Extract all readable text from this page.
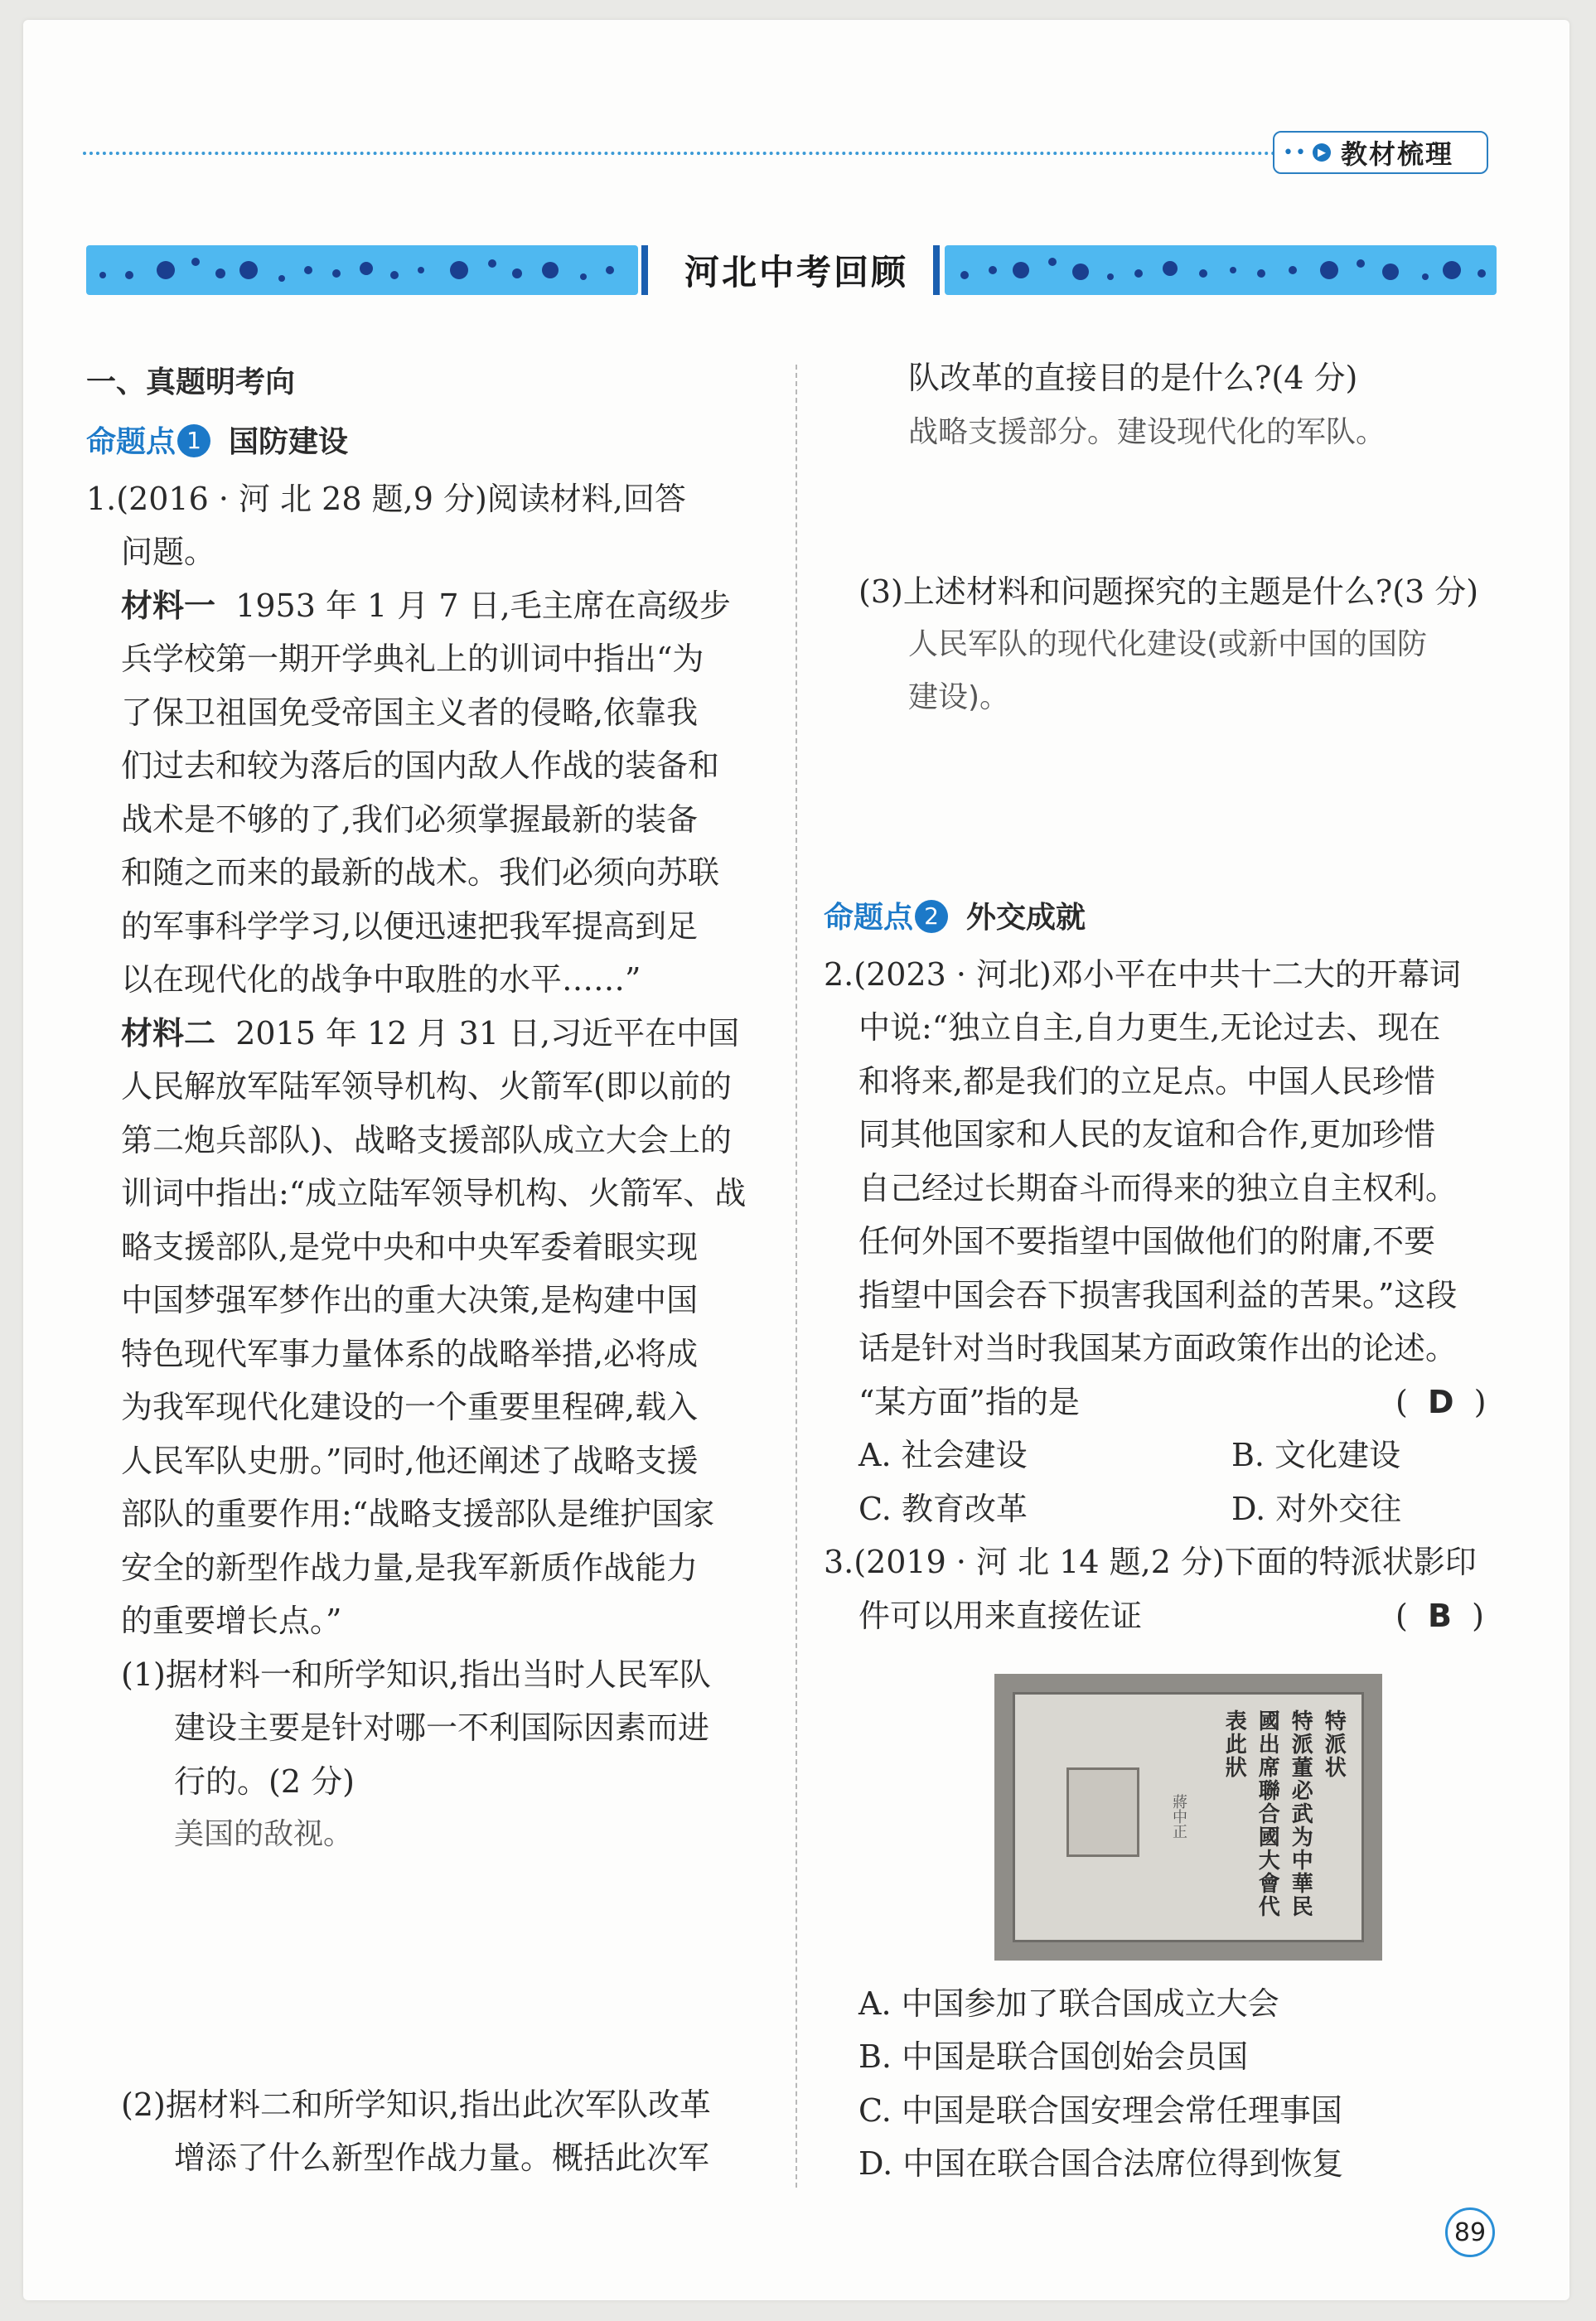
•• ▶ 教材梳理
河北中考回顾
一、真题明考向
命题点 1 国防建设
1.(2016 · 河 北 28 题,9 分)阅读材料,回答
问题。
材料一 1953 年 1 月 7 日,毛主席在高级步
兵学校第一期开学典礼上的训词中指出“为
了保卫祖国免受帝国主义者的侵略,依靠我
们过去和较为落后的国内敌人作战的装备和
战术是不够的了,我们必须掌握最新的装备
和随之而来的最新的战术。我们必须向苏联
的军事科学学习,以便迅速把我军提高到足
以在现代化的战争中取胜的水平……”
材料二 2015 年 12 月 31 日,习近平在中国
人民解放军陆军领导机构、火箭军(即以前的
第二炮兵部队)、战略支援部队成立大会上的
训词中指出:“成立陆军领导机构、火箭军、战
略支援部队,是党中央和中央军委着眼实现
中国梦强军梦作出的重大决策,是构建中国
特色现代军事力量体系的战略举措,必将成
为我军现代化建设的一个重要里程碑,载入
人民军队史册。”同时,他还阐述了战略支援
部队的重要作用:“战略支援部队是维护国家
安全的新型作战力量,是我军新质作战能力
的重要增长点。”
(1)据材料一和所学知识,指出当时人民军队
建设主要是针对哪一不利国际因素而进
行的。(2 分)
美国的敌视。
(2)据材料二和所学知识,指出此次军队改革
增添了什么新型作战力量。概括此次军
队改革的直接目的是什么?(4 分)
战略支援部分。建设现代化的军队。
(3)上述材料和问题探究的主题是什么?(3 分)
人民军队的现代化建设(或新中国的国防
建设)。
命题点 2 外交成就
2.(2023 · 河北)邓小平在中共十二大的开幕词
中说:“独立自主,自力更生,无论过去、现在
和将来,都是我们的立足点。中国人民珍惜
同其他国家和人民的友谊和合作,更加珍惜
自己经过长期奋斗而得来的独立自主权利。
任何外国不要指望中国做他们的附庸,不要
指望中国会吞下损害我国利益的苦果。”这段
话是针对当时我国某方面政策作出的论述。
“某方面”指的是	( D )
A. 社会建设	B. 文化建设
C. 教育改革	D. 对外交往
3.(2019 · 河 北 14 题,2 分)下面的特派状影印
件可以用来直接佐证	( B )
蔣中正
特派状
特派董必武为中華民
國出席聯合國大會代
表此狀
A. 中国参加了联合国成立大会
B. 中国是联合国创始会员国
C. 中国是联合国安理会常任理事国
D. 中国在联合国合法席位得到恢复
89
